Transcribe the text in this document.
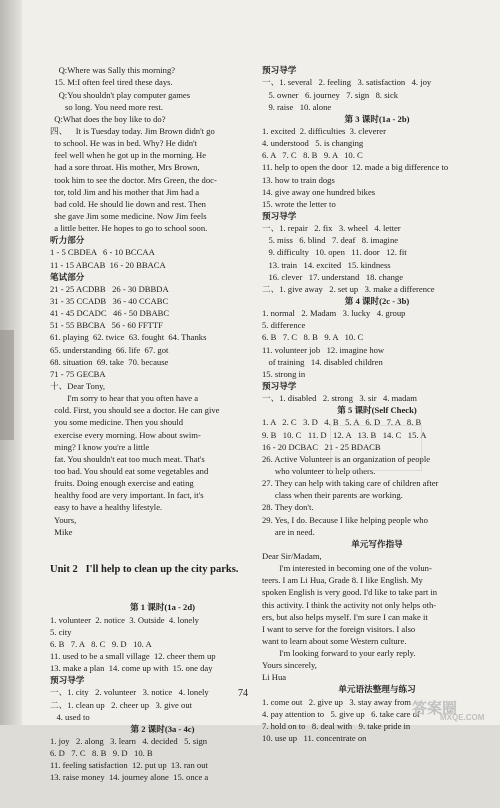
Q:Where was Sally this morning?
15. M:I often feel tired these days.
Q:You shouldn't play computer games
so long. You need more rest.
Q:What does the boy like to do?
四、    It is Tuesday today. Jim Brown didn't go
to school. He was in bed. Why? He didn't
feel well when he got up in the morning. He
had a sore throat. His mother, Mrs Brown,
took him to see the doctor. Mrs Green, the doc-
tor, told Jim and his mother that Jim had a
bad cold. He should lie down and rest. Then
she gave Jim some medicine. Now Jim feels
a little better. He hopes to go to school soon.
听力部分
1 - 5 CBDEA   6 - 10 BCCAA
11 - 15 ABCAB  16 - 20 BBACA
笔试部分
21 - 25 ACDBB   26 - 30 DBBDA
31 - 35 CCADB   36 - 40 CCABC
41 - 45 DCADC   46 - 50 DBABC
51 - 55 BBCBA   56 - 60 FFTTF
61. playing  62. twice  63. fought  64. Thanks
65. understanding  66. life  67. got
68. situation  69. take  70. because
71 - 75 GECBA
十、Dear Tony,
I'm sorry to hear that you often have a
cold. First, you should see a doctor. He can give
you some medicine. Then you should
exercise every morning. How about swim-
ming? I know you're a little
fat. You shouldn't eat too much meat. That's
too bad. You should eat some vegetables and
fruits. Doing enough exercise and eating
healthy food are very important. In fact, it's
easy to have a healthy lifestyle.
Yours,
Mike

Unit 2   I'll help to clean up the city parks.

第 1 课时(1a - 2d)
1. volunteer  2. notice  3. Outside  4. lonely
5. city
6. B   7. A   8. C   9. D   10. A
11. used to be a small village  12. cheer them up
13. make a plan  14. come up with  15. one day
预习导学
一、1. city   2. volunteer   3. notice   4. lonely
二、1. clean up   2. cheer up   3. give out
4. used to
第 2 课时(3a - 4c)
1. joy   2. along   3. learn   4. decided   5. sign
6. D   7. C   8. B   9. D   10. B
11. feeling satisfaction  12. put up  13. ran out
13. raise money  14. journey alone  15. once a

预习导学
一、1. several   2. feeling   3. satisfaction   4. joy
5. owner   6. journey   7. sign   8. sick
9. raise   10. alone
第 3 课时(1a - 2b)
1. excited  2. difficulties  3. cleverer
4. understood   5. is changing
6. A   7. C   8. B   9. A   10. C
11. help to open the door  12. made a big difference to
13. how to train dogs
14. give away one hundred bikes
15. wrote the letter to
预习导学
一、1. repair   2. fix   3. wheel   4. letter
5. miss   6. blind   7. deaf   8. imagine
9. difficulty   10. open   11. door   12. fit
13. train   14. excited   15. kindness
16. clever   17. understand   18. change
二、1. give away   2. set up   3. make a difference
第 4 课时(2c - 3b)
1. normal   2. Madam   3. lucky   4. group
5. difference
6. B   7. C   8. B   9. A   10. C
11. volunteer job   12. imagine how
of training   14. disabled children
15. strong in
预习导学
一、1. disabled   2. strong   3. sir   4. madam
第 5 课时(Self Check)
1. A   2. C   3. D   4. B   5. A   6. D   7. A   8. B
9. B   10. C   11. D   12. A   13. B   14. C   15. A
16 - 20 DCBAC   21 - 25 BDACB
26. Active Volunteer is an organization of people
who volunteer to help others.
27. They can help with taking care of children after
class when their parents are working.
28. They don't.
29. Yes, I do. Because I like helping people who
are in need.
单元写作指导
Dear Sir/Madam,
I'm interested in becoming one of the volun-
teers. I am Li Hua, Grade 8. I like English. My
spoken English is very good. I'd like to take part in
this activity. I think the activity not only helps oth-
ers, but also helps myself. I'm sure I can make it
I want to serve for the foreign visitors. I also
want to learn about some Western culture.
I'm looking forward to your early reply.
Yours sincerely,
Li Hua
单元语法整理与练习
1. come out   2. give up   3. stay away from
4. pay attention to   5. give up   6. take care of
7. hold on to   8. deal with   9. take pride in
10. use up   11. concentrate on

74
答案圈
MXQE.COM
